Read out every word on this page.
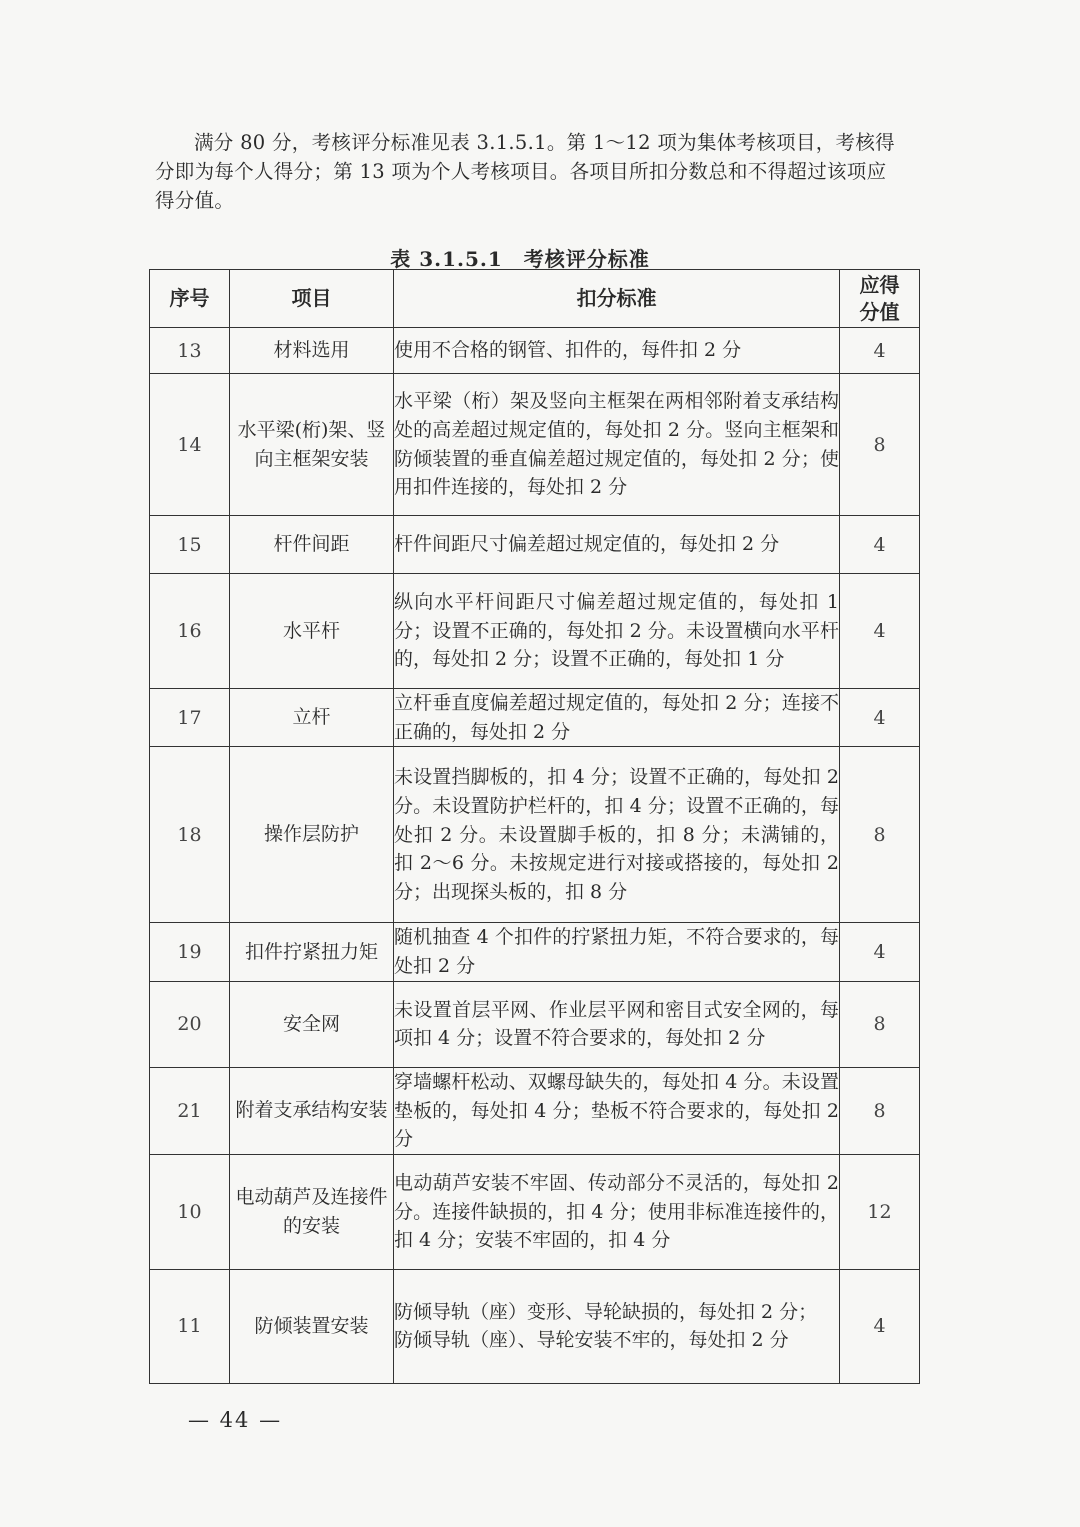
满分 80 分，考核评分标准见表 3.1.5.1。第 1～12 项为集体考核项目，考核得分即为每个人得分；第 13 项为个人考核项目。各项目所扣分数总和不得超过该项应得分值。

表 3.1.5.1　考核评分标准
序号	项目	扣分标准	应得分值

13	材料选用	使用不合格的钢管、扣件的，每件扣 2 分	4
14	水平梁(桁)架、竖向主框架安装	水平梁（桁）架及竖向主框架在两相邻附着支承结构处的高差超过规定值的，每处扣 2 分。竖向主框架和防倾装置的垂直偏差超过规定值的，每处扣 2 分；使用扣件连接的，每处扣 2 分	8
15	杆件间距	杆件间距尺寸偏差超过规定值的，每处扣 2 分	4
16	水平杆	纵向水平杆间距尺寸偏差超过规定值的，每处扣 1 分；设置不正确的，每处扣 2 分。未设置横向水平杆的，每处扣 2 分；设置不正确的，每处扣 1 分	4
17	立杆	立杆垂直度偏差超过规定值的，每处扣 2 分；连接不正确的，每处扣 2 分	4
18	操作层防护	未设置挡脚板的，扣 4 分；设置不正确的，每处扣 2 分。未设置防护栏杆的，扣 4 分；设置不正确的，每处扣 2 分。未设置脚手板的，扣 8 分；未满铺的，扣 2～6 分。未按规定进行对接或搭接的，每处扣 2 分；出现探头板的，扣 8 分	8
19	扣件拧紧扭力矩	随机抽查 4 个扣件的拧紧扭力矩，不符合要求的，每处扣 2 分	4
20	安全网	未设置首层平网、作业层平网和密目式安全网的，每项扣 4 分；设置不符合要求的，每处扣 2 分	8
21	附着支承结构安装	穿墙螺杆松动、双螺母缺失的，每处扣 4 分。未设置垫板的，每处扣 4 分；垫板不符合要求的，每处扣 2 分	8
10	电动葫芦及连接件的安装	电动葫芦安装不牢固、传动部分不灵活的，每处扣 2 分。连接件缺损的，扣 4 分；使用非标准连接件的，扣 4 分；安装不牢固的，扣 4 分	12
11	防倾装置安装	防倾导轨（座）变形、导轮缺损的，每处扣 2 分；
防倾导轨（座）、导轮安装不牢的，每处扣 2 分	4
— 44 —
